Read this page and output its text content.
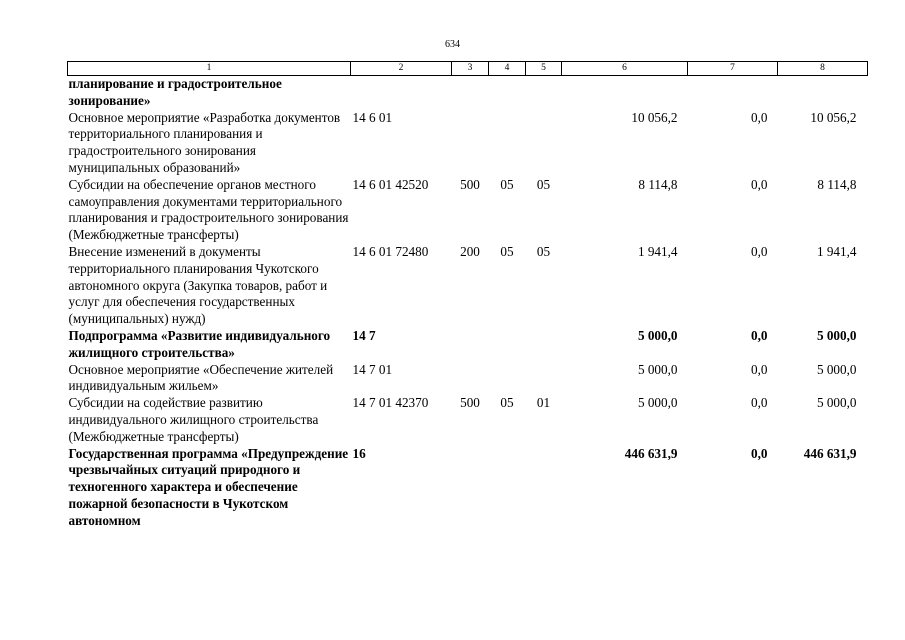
634
1	2	3	4	5	6	7	8
планирование и градостроительное зонирование»							
Основное мероприятие «Разработка документов территориального планирования и градостроительного зонирования муниципальных образований»	14 6 01				10 056,2	0,0	10 056,2
Субсидии на обеспечение органов местного самоуправления документами территориального планирования и градостроительного зонирования (Межбюджетные трансферты)	14 6 01 42520	500	05	05	8 114,8	0,0	8 114,8
Внесение изменений в документы территориального планирования Чукотского автономного округа (Закупка товаров, работ и услуг для обеспечения государственных (муниципальных) нужд)	14 6 01 72480	200	05	05	1 941,4	0,0	1 941,4
Подпрограмма «Развитие индивидуального жилищного строительства»	14 7				5 000,0	0,0	5 000,0
Основное мероприятие «Обеспечение жителей индивидуальным жильем»	14 7 01				5 000,0	0,0	5 000,0
Субсидии на содействие развитию индивидуального жилищного строительства (Межбюджетные трансферты)	14 7 01 42370	500	05	01	5 000,0	0,0	5 000,0
Государственная программа «Предупреждение чрезвычайных ситуаций природного и техногенного характера и обеспечение пожарной безопасности в Чукотском автономном	16				446 631,9	0,0	446 631,9
